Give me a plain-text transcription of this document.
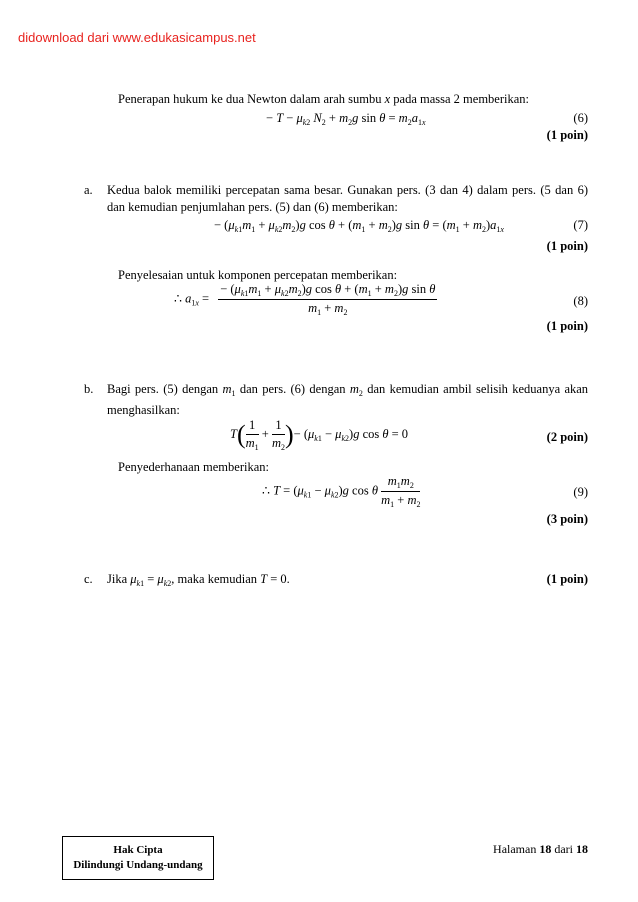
didownload dari www.edukasicampus.net
Penerapan hukum ke dua Newton dalam arah sumbu x pada massa 2 memberikan:
− $T - \mu_{k2}$ $N_2 + m_2g$ $\sin \theta = m_2a_{1x}$	(6)
(1 poin)
a. Kedua balok memiliki percepatan sama besar. Gunakan pers. (3 dan 4) dalam pers. (5 dan 6) dan kemudian penjumlahan pers. (5) dan (6) memberikan:
− $(\mu_{k1}m_1 + \mu_{k2}m_2)g$ $\cos \theta + (m_1 + m_2)g$ $\sin \theta = (m_1 + m_2)a_{1x}$	(7)
(1 poin)
Penyelesaian untuk komponen percepatan memberikan:
∴ $a_{1x} = \frac{- (\mu_{k1}m_1 + \mu_{k2}m_2)g \cos \theta + (m_1 + m_2)g \sin \theta}{m_1 + m_2}$	(8)
(1 poin)
b. Bagi pers. (5) dengan $m_1$ dan pers. (6) dengan $m_2$ dan kemudian ambil selisih keduanya akan menghasilkan:
$T( \frac{1}{m_1} + \frac{1}{m_2}$ )− $(\mu_{k1} - \mu_{k2})g$ cos θ = 0	(2 poin)
Penyederhanaan memberikan:
∴ $T = (\mu_{k1} - \mu_{k2})g$ cos θ $\frac{m_1m_2}{m_1 + m_2}$	(9)
(3 poin)
c. Jika $\mu_{k1} = \mu_{k2}$, maka kemudian T = 0.	(1 poin)
Hak Cipta
Dilindungi Undang-undang
Halaman 18 dari 18
